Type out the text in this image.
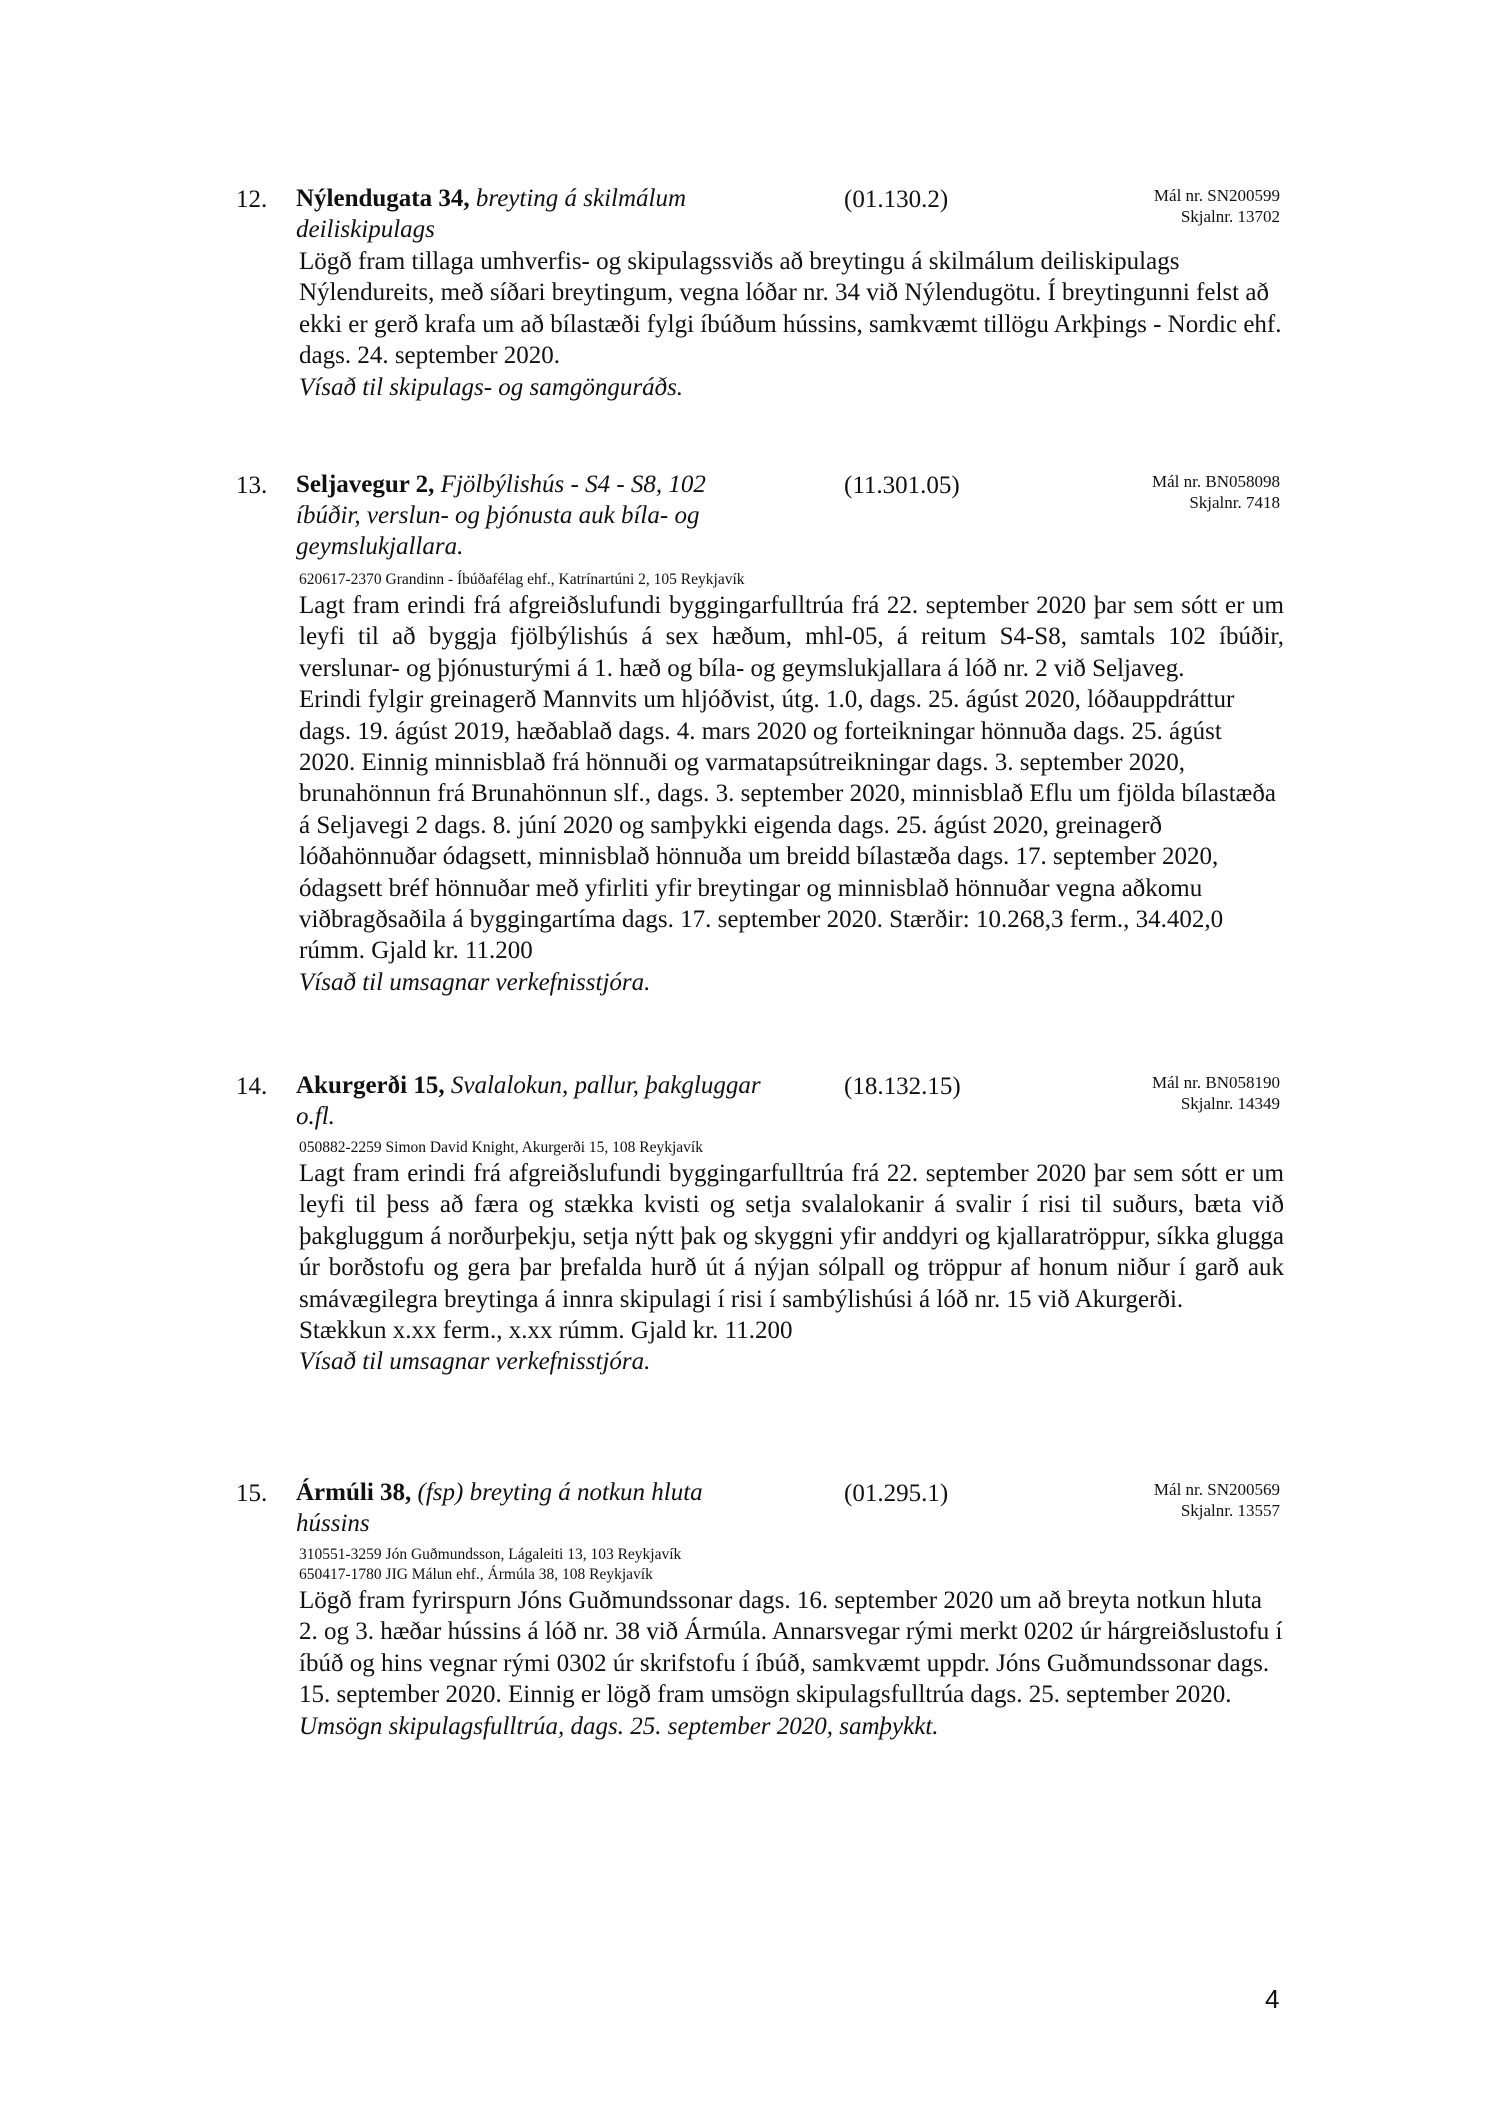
12. Nýlendugata 34, breyting á skilmálum deiliskipulags
(01.130.2)	Mál nr. SN200599
Skjalnr. 13702

Lögð fram tillaga umhverfis- og skipulagssviðs að breytingu á skilmálum deiliskipulags Nýlendureits, með síðari breytingum, vegna lóðar nr. 34 við Nýlendugötu. Í breytingunni felst að ekki er gerð krafa um að bílastæði fylgi íbúðum hússins, samkvæmt tillögu Arkþings - Nordic ehf. dags. 24. september 2020.

Vísað til skipulags- og samgönguráðs.

13. Seljavegur 2, Fjölbýlishús - S4 - S8, 102 íbúðir, verslun- og þjónusta auk bíla- og geymslukjallara.
(11.301.05)	Mál nr. BN058098
Skjalnr. 7418
620617-2370 Grandinn - Íbúðafélag ehf., Katrínartúni 2, 105 Reykjavík

Lagt fram erindi frá afgreiðslufundi byggingarfulltrúa frá 22. september 2020 þar sem sótt er um leyfi til að byggja fjölbýlishús á sex hæðum, mhl-05, á reitum S4-S8, samtals 102 íbúðir, verslunar- og þjónusturými á 1. hæð og bíla- og geymslukjallara á lóð nr. 2 við Seljaveg.

Erindi fylgir greinagerð Mannvits um hljóðvist, útg. 1.0, dags. 25. ágúst 2020, lóðauppdráttur dags. 19. ágúst 2019, hæðablað dags. 4. mars 2020 og forteikningar hönnuða dags. 25. ágúst 2020. Einnig minnisblað frá hönnuði og varmatapsútreikningar dags. 3. september 2020, brunahönnun frá Brunahönnun slf., dags. 3. september 2020, minnisblað Eflu um fjölda bílastæða á Seljavegi 2 dags. 8. júní 2020 og samþykki eigenda dags. 25. ágúst 2020, greinagerð lóðahönnuðar ódagsett, minnisblað hönnuða um breidd bílastæða dags. 17. september 2020, ódagsett bréf hönnuðar með yfirliti yfir breytingar og minnisblað hönnuðar vegna aðkomu viðbragðsaðila á byggingartíma dags. 17. september 2020. Stærðir: 10.268,3 ferm., 34.402,0 rúmm. Gjald kr. 11.200

Vísað til umsagnar verkefnisstjóra.

14. Akurgerði 15, Svalalokun, pallur, þakgluggar o.fl.
(18.132.15)	Mál nr. BN058190
Skjalnr. 14349
050882-2259 Simon David Knight, Akurgerði 15, 108 Reykjavík

Lagt fram erindi frá afgreiðslufundi byggingarfulltrúa frá 22. september 2020 þar sem sótt er um leyfi til þess að færa og stækka kvisti og setja svalalokanir á svalir í risi til suðurs, bæta við þakgluggum á norðurþekju, setja nýtt þak og skyggni yfir anddyri og kjallaratröppur, síkka glugga úr borðstofu og gera þar þrefalda hurð út á nýjan sólpall og tröppur af honum niður í garð auk smávægilegra breytinga á innra skipulagi í risi í sambýlishúsi á lóð nr. 15 við Akurgerði.

Stækkun x.xx ferm., x.xx rúmm. Gjald kr. 11.200

Vísað til umsagnar verkefnisstjóra.

15. Ármúli 38, (fsp) breyting á notkun hluta hússins
(01.295.1)	Mál nr. SN200569
Skjalnr. 13557
310551-3259 Jón Guðmundsson, Lágaleiti 13, 103 Reykjavík
650417-1780 JIG Málun ehf., Ármúla 38, 108 Reykjavík

Lögð fram fyrirspurn Jóns Guðmundssonar dags. 16. september 2020 um að breyta notkun hluta 2. og 3. hæðar hússins á lóð nr. 38 við Ármúla. Annarsvegar rými merkt 0202 úr hárgreiðslustofu í íbúð og hins vegnar rými 0302 úr skrifstofu í íbúð, samkvæmt uppdr. Jóns Guðmundssonar dags. 15. september 2020. Einnig er lögð fram umsögn skipulagsfulltrúa dags. 25. september 2020.

Umsögn skipulagsfulltrúa, dags. 25. september 2020, samþykkt.

4
